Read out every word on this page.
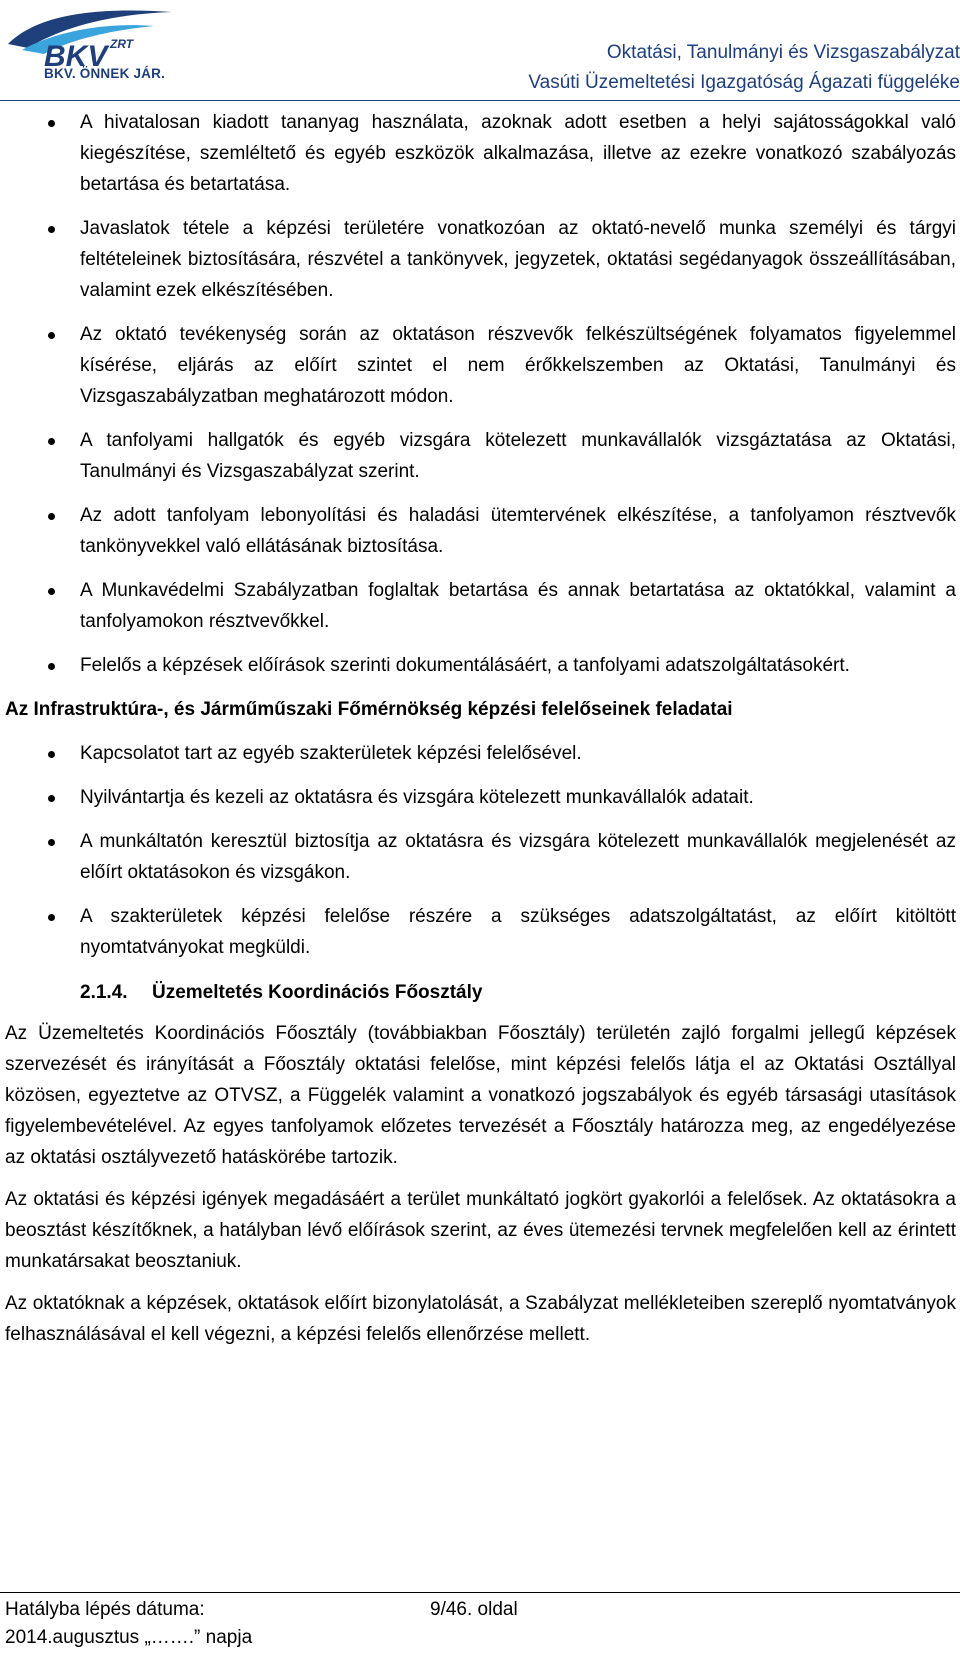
BKV ZRT
BKV. ÖNNEK JÁR.
Oktatási, Tanulmányi és Vizsgaszabályzat
Vasúti Üzemeltetési Igazgatóság Ágazati függeléke
A hivatalosan kiadott tananyag használata, azoknak adott esetben a helyi sajátosságokkal való kiegészítése, szemléltető és egyéb eszközök alkalmazása, illetve az ezekre vonatkozó szabályozás betartása és betartatása.
Javaslatok tétele a képzési területére vonatkozóan az oktató-nevelő munka személyi és tárgyi feltételeinek biztosítására, részvétel a tankönyvek, jegyzetek, oktatási segédanyagok összeállításában, valamint ezek elkészítésében.
Az oktató tevékenység során az oktatáson részvevők felkészültségének folyamatos figyelemmel kísérése, eljárás az előírt szintet el nem érőkkelszemben az Oktatási, Tanulmányi és Vizsgaszabályzatban meghatározott módon.
A tanfolyami hallgatók és egyéb vizsgára kötelezett munkavállalók vizsgáztatása az Oktatási, Tanulmányi és Vizsgaszabályzat szerint.
Az adott tanfolyam lebonyolítási és haladási ütemtervének elkészítése, a tanfolyamon résztvevők tankönyvekkel való ellátásának biztosítása.
A Munkavédelmi Szabályzatban foglaltak betartása és annak betartatása az oktatókkal, valamint a tanfolyamokon résztvevőkkel.
Felelős a képzések előírások szerinti dokumentálásáért, a tanfolyami adatszolgáltatásokért.
Az Infrastruktúra-, és Járműműszaki Főmérnökség képzési felelőseinek feladatai
Kapcsolatot tart az egyéb szakterületek képzési felelősével.
Nyilvántartja és kezeli az oktatásra és vizsgára kötelezett munkavállalók adatait.
A munkáltatón keresztül biztosítja az oktatásra és vizsgára kötelezett munkavállalók megjelenését az előírt oktatásokon és vizsgákon.
A szakterületek képzési felelőse részére a szükséges adatszolgáltatást, az előírt kitöltött nyomtatványokat megküldi.
2.1.4. Üzemeltetés Koordinációs Főosztály

Az Üzemeltetés Koordinációs Főosztály (továbbiakban Főosztály) területén zajló forgalmi jellegű képzések szervezését és irányítását a Főosztály oktatási felelőse, mint képzési felelős látja el az Oktatási Osztállyal közösen, egyeztetve az OTVSZ, a Függelék valamint a vonatkozó jogszabályok és egyéb társasági utasítások figyelembevételével. Az egyes tanfolyamok előzetes tervezését a Főosztály határozza meg, az engedélyezése az oktatási osztályvezető hatáskörébe tartozik.

Az oktatási és képzési igények megadásáért a terület munkáltató jogkört gyakorlói a felelősek. Az oktatásokra a beosztást készítőknek, a hatályban lévő előírások szerint, az éves ütemezési tervnek megfelelően kell az érintett munkatársakat beosztaniuk.

Az oktatóknak a képzések, oktatások előírt bizonylatolását, a Szabályzat mellékleteiben szereplő nyomtatványok felhasználásával el kell végezni, a képzési felelős ellenőrzése mellett.

Hatályba lépés dátuma:
2014.augusztus „…….” napja
9/46. oldal
